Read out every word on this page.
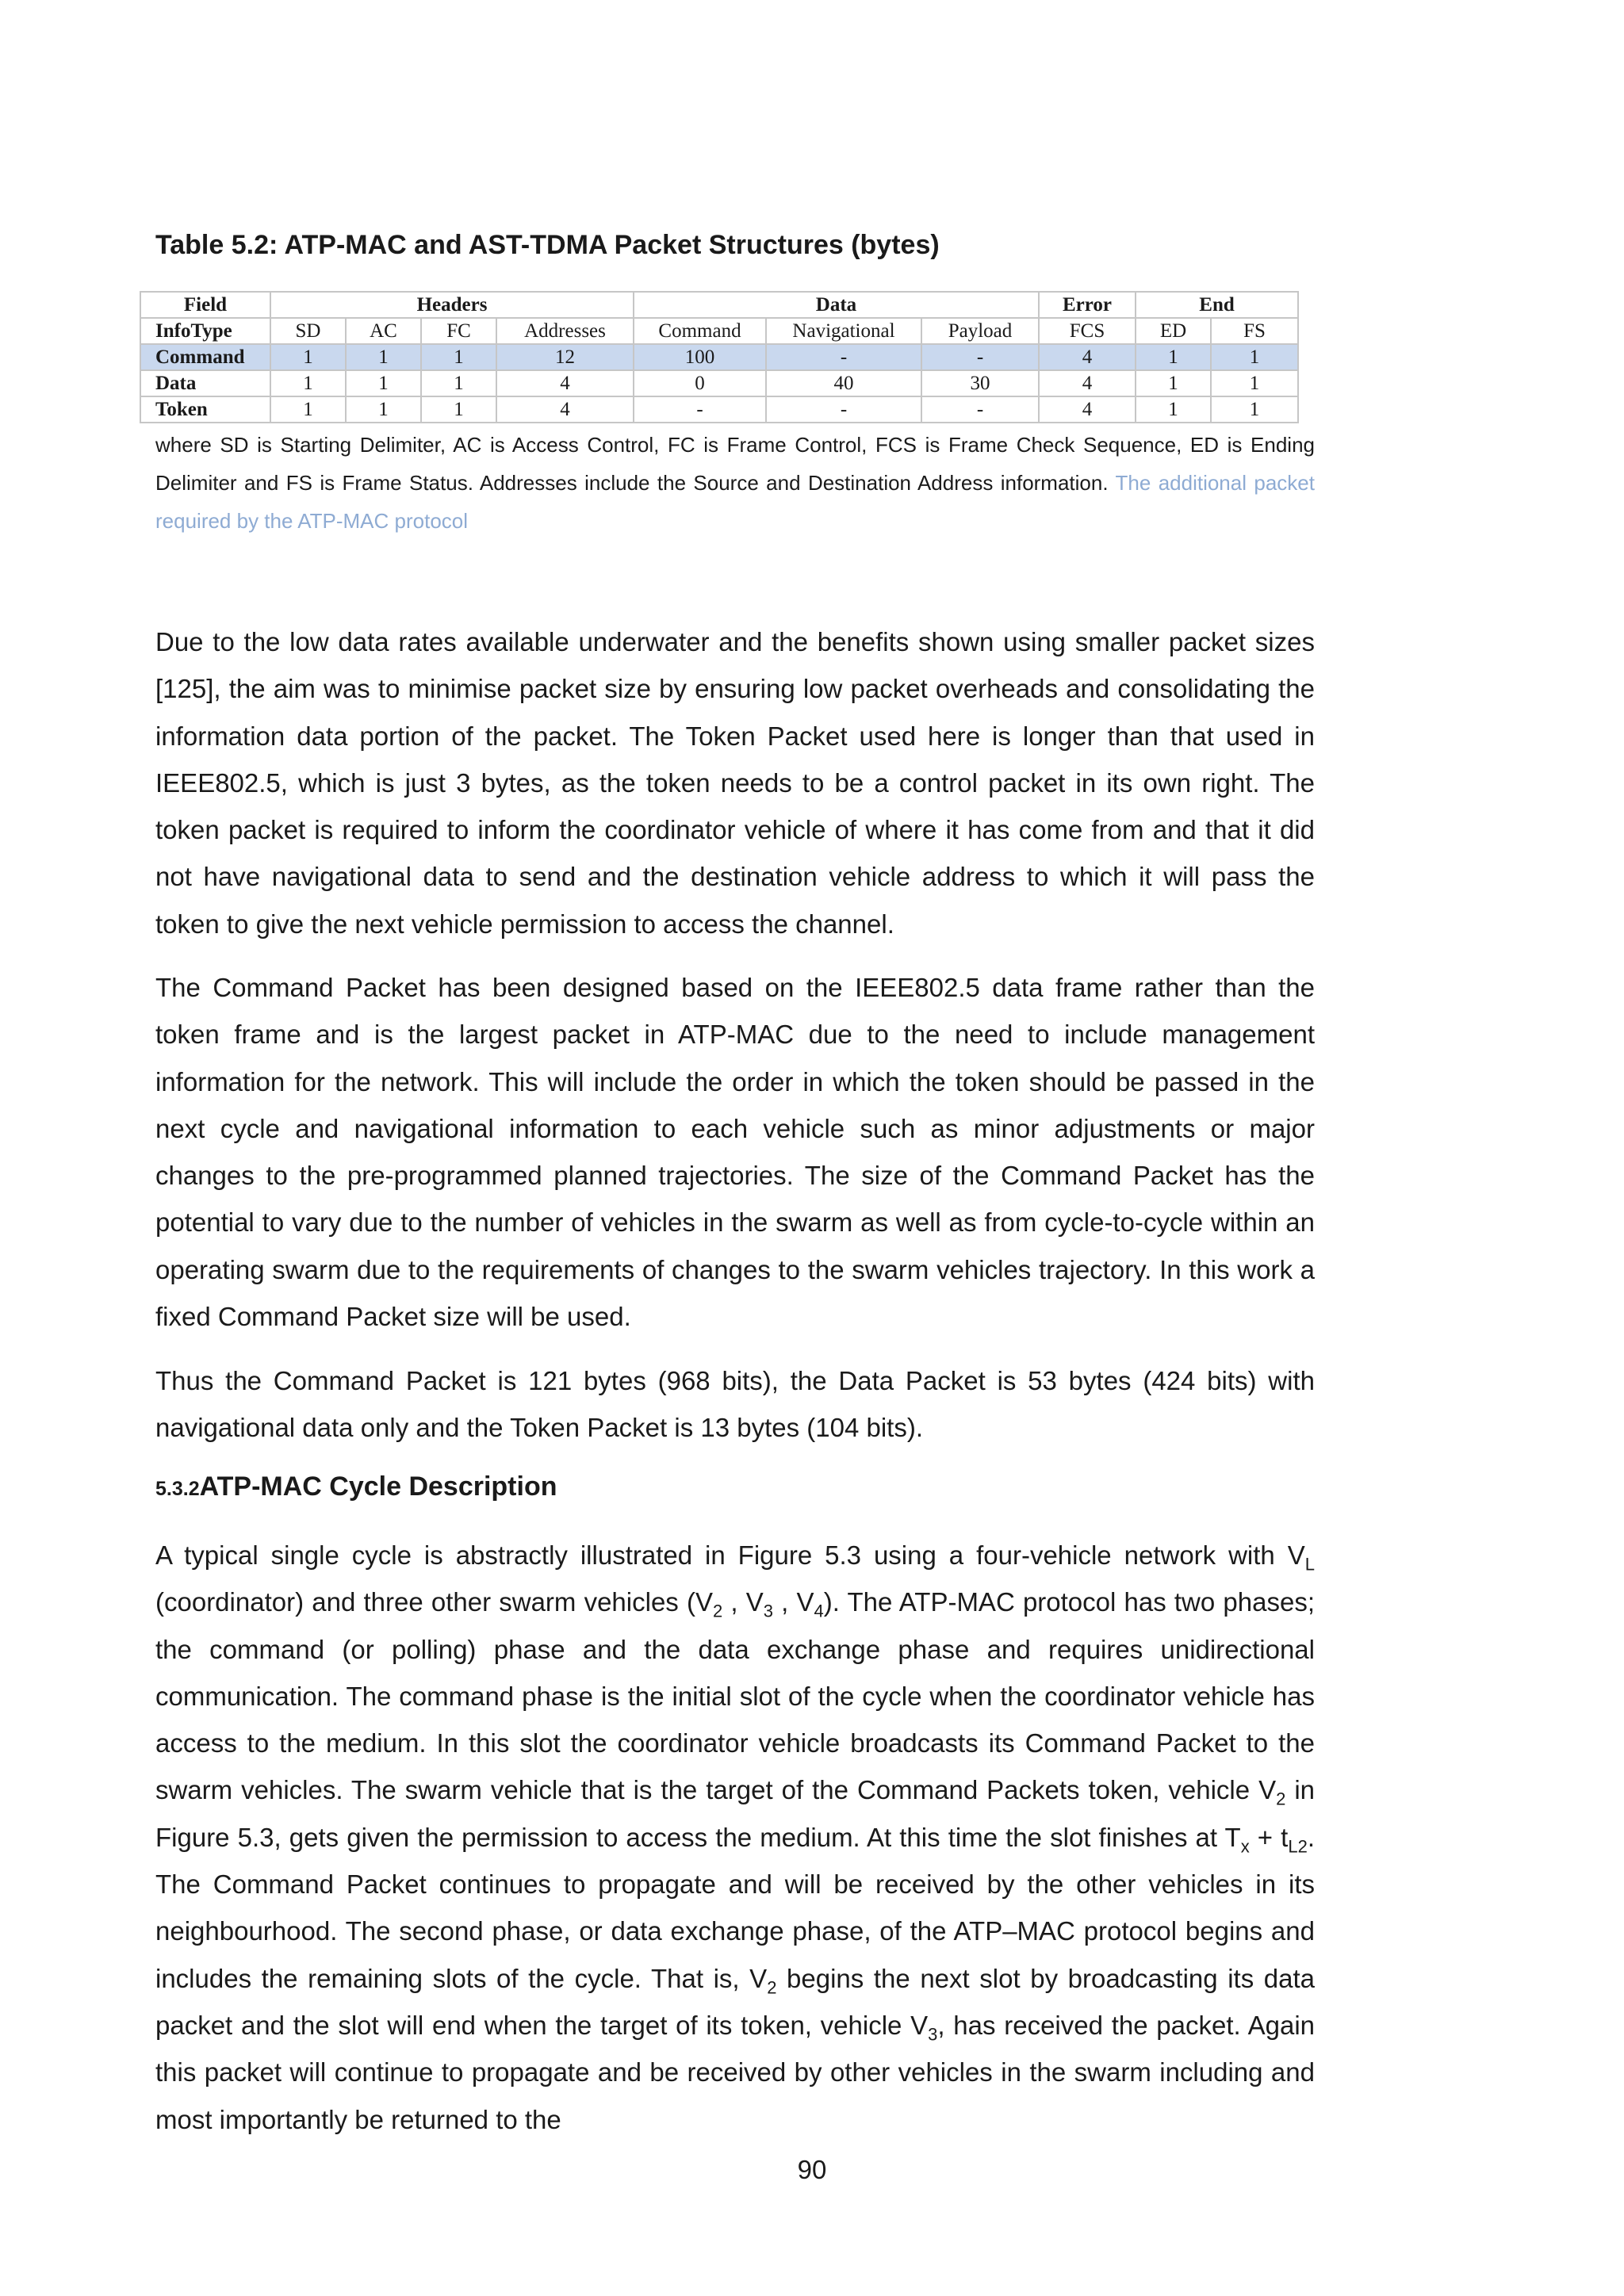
Table 5.2: ATP-MAC and AST-TDMA Packet Structures (bytes)
Field	Headers				Data			Error	End	
InfoType	SD	AC	FC	Addresses	Command	Navigational	Payload	FCS	ED	FS
Command	1	1	1	12	100	-	-	4	1	1
Data	1	1	1	4	0	40	30	4	1	1
Token	1	1	1	4	-	-	-	4	1	1
where SD is Starting Delimiter, AC is Access Control, FC is Frame Control, FCS is Frame Check Sequence, ED is Ending Delimiter and FS is Frame Status. Addresses include the Source and Destination Address information. The additional packet required by the ATP-MAC protocol

Due to the low data rates available underwater and the benefits shown using smaller packet sizes [125], the aim was to minimise packet size by ensuring low packet overheads and consolidating the information data portion of the packet. The Token Packet used here is longer than that used in IEEE802.5, which is just 3 bytes, as the token needs to be a control packet in its own right. The token packet is required to inform the coordinator vehicle of where it has come from and that it did not have navigational data to send and the destination vehicle address to which it will pass the token to give the next vehicle permission to access the channel.

The Command Packet has been designed based on the IEEE802.5 data frame rather than the token frame and is the largest packet in ATP-MAC due to the need to include management information for the network. This will include the order in which the token should be passed in the next cycle and navigational information to each vehicle such as minor adjustments or major changes to the pre-programmed planned trajectories. The size of the Command Packet has the potential to vary due to the number of vehicles in the swarm as well as from cycle-to-cycle within an operating swarm due to the requirements of changes to the swarm vehicles trajectory. In this work a fixed Command Packet size will be used.

Thus the Command Packet is 121 bytes (968 bits), the Data Packet is 53 bytes (424 bits) with navigational data only and the Token Packet is 13 bytes (104 bits).

5.3.2ATP-MAC Cycle Description

A typical single cycle is abstractly illustrated in Figure 5.3 using a four-vehicle network with $V_L$ (coordinator) and three other swarm vehicles ($V_2$ , $V_3$ , $V_4$). The ATP-MAC protocol has two phases; the command (or polling) phase and the data exchange phase and requires unidirectional communication. The command phase is the initial slot of the cycle when the coordinator vehicle has access to the medium. In this slot the coordinator vehicle broadcasts its Command Packet to the swarm vehicles. The swarm vehicle that is the target of the Command Packets token, vehicle $V_2$ in Figure 5.3, gets given the permission to access the medium. At this time the slot finishes at $T_x + t_{L2}$. The Command Packet continues to propagate and will be received by the other vehicles in its neighbourhood. The second phase, or data exchange phase, of the ATP–MAC protocol begins and includes the remaining slots of the cycle. That is, $V_2$ begins the next slot by broadcasting its data packet and the slot will end when the target of its token, vehicle $V_3$, has received the packet. Again this packet will continue to propagate and be received by other vehicles in the swarm including and most importantly be returned to the

90
